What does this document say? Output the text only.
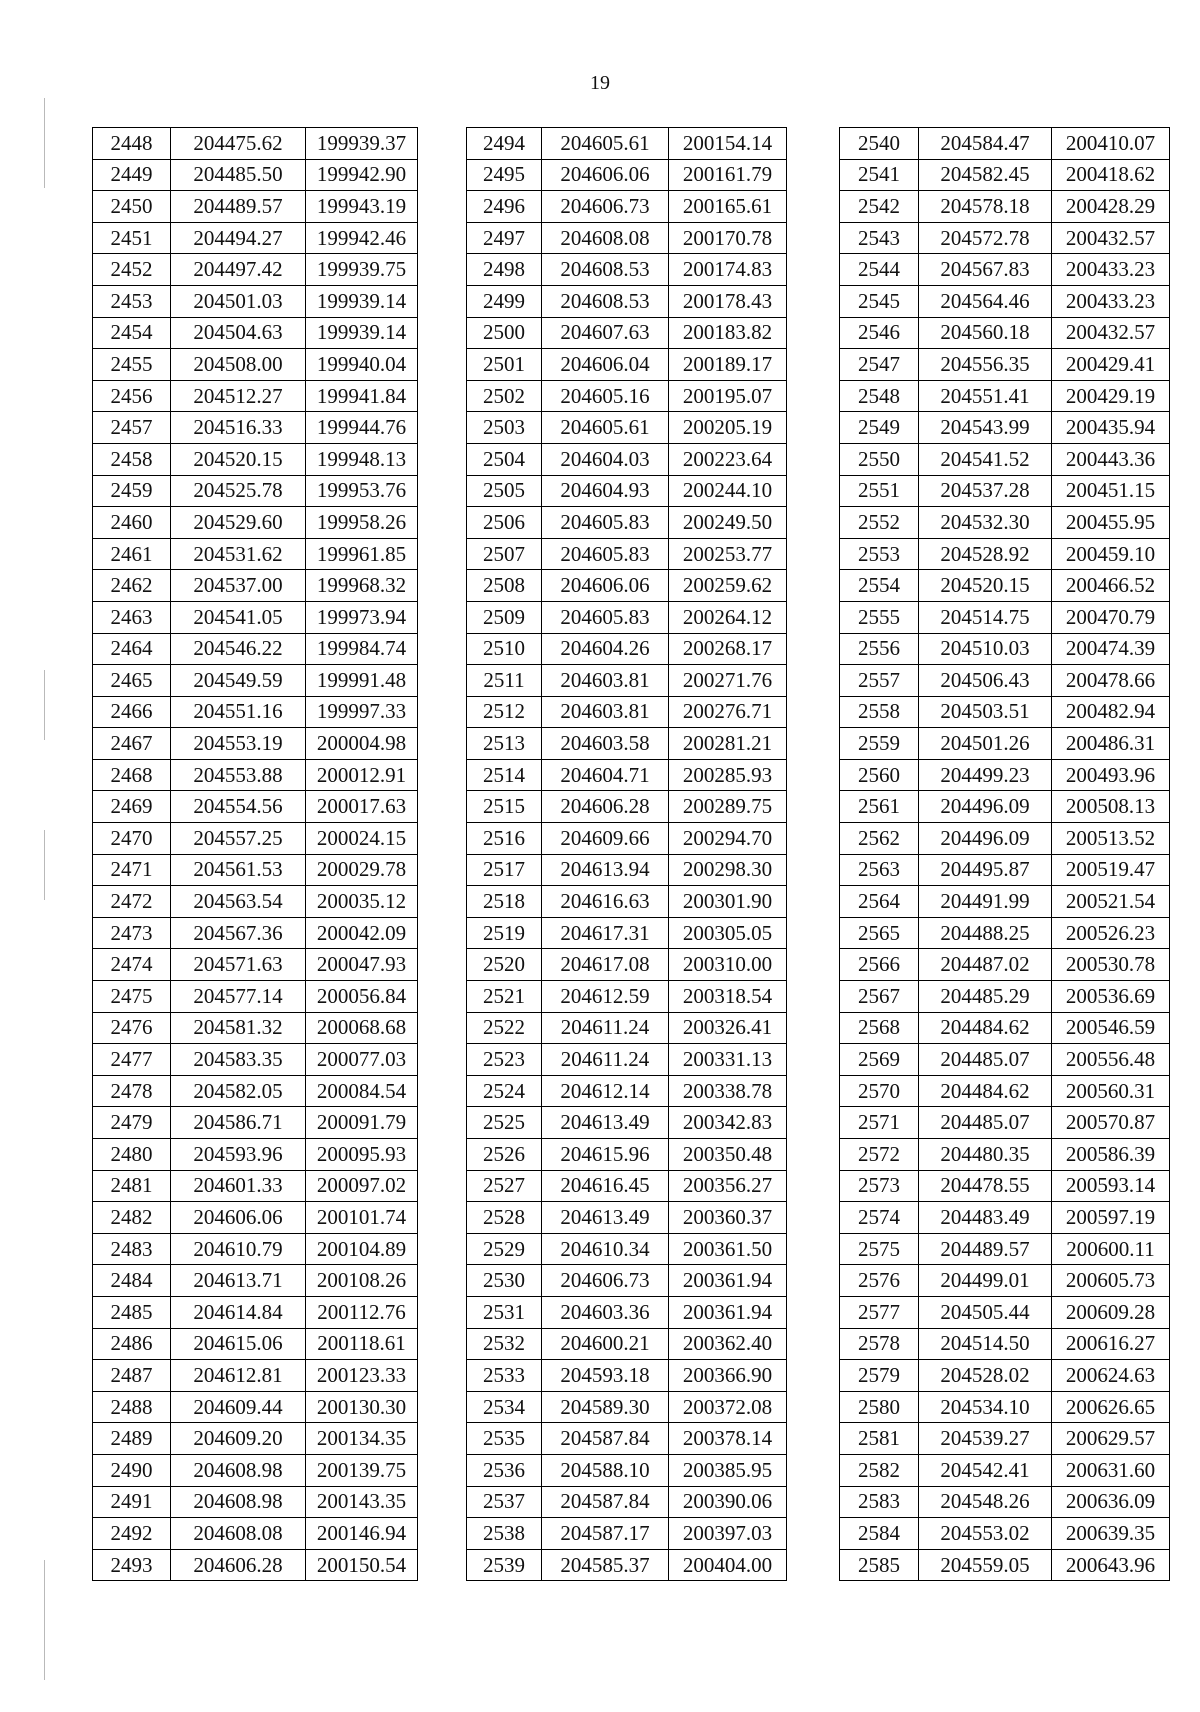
19
2448	204475.62	199939.37
2449	204485.50	199942.90
2450	204489.57	199943.19
2451	204494.27	199942.46
2452	204497.42	199939.75
2453	204501.03	199939.14
2454	204504.63	199939.14
2455	204508.00	199940.04
2456	204512.27	199941.84
2457	204516.33	199944.76
2458	204520.15	199948.13
2459	204525.78	199953.76
2460	204529.60	199958.26
2461	204531.62	199961.85
2462	204537.00	199968.32
2463	204541.05	199973.94
2464	204546.22	199984.74
2465	204549.59	199991.48
2466	204551.16	199997.33
2467	204553.19	200004.98
2468	204553.88	200012.91
2469	204554.56	200017.63
2470	204557.25	200024.15
2471	204561.53	200029.78
2472	204563.54	200035.12
2473	204567.36	200042.09
2474	204571.63	200047.93
2475	204577.14	200056.84
2476	204581.32	200068.68
2477	204583.35	200077.03
2478	204582.05	200084.54
2479	204586.71	200091.79
2480	204593.96	200095.93
2481	204601.33	200097.02
2482	204606.06	200101.74
2483	204610.79	200104.89
2484	204613.71	200108.26
2485	204614.84	200112.76
2486	204615.06	200118.61
2487	204612.81	200123.33
2488	204609.44	200130.30
2489	204609.20	200134.35
2490	204608.98	200139.75
2491	204608.98	200143.35
2492	204608.08	200146.94
2493	204606.28	200150.54
2494	204605.61	200154.14
2495	204606.06	200161.79
2496	204606.73	200165.61
2497	204608.08	200170.78
2498	204608.53	200174.83
2499	204608.53	200178.43
2500	204607.63	200183.82
2501	204606.04	200189.17
2502	204605.16	200195.07
2503	204605.61	200205.19
2504	204604.03	200223.64
2505	204604.93	200244.10
2506	204605.83	200249.50
2507	204605.83	200253.77
2508	204606.06	200259.62
2509	204605.83	200264.12
2510	204604.26	200268.17
2511	204603.81	200271.76
2512	204603.81	200276.71
2513	204603.58	200281.21
2514	204604.71	200285.93
2515	204606.28	200289.75
2516	204609.66	200294.70
2517	204613.94	200298.30
2518	204616.63	200301.90
2519	204617.31	200305.05
2520	204617.08	200310.00
2521	204612.59	200318.54
2522	204611.24	200326.41
2523	204611.24	200331.13
2524	204612.14	200338.78
2525	204613.49	200342.83
2526	204615.96	200350.48
2527	204616.45	200356.27
2528	204613.49	200360.37
2529	204610.34	200361.50
2530	204606.73	200361.94
2531	204603.36	200361.94
2532	204600.21	200362.40
2533	204593.18	200366.90
2534	204589.30	200372.08
2535	204587.84	200378.14
2536	204588.10	200385.95
2537	204587.84	200390.06
2538	204587.17	200397.03
2539	204585.37	200404.00
2540	204584.47	200410.07
2541	204582.45	200418.62
2542	204578.18	200428.29
2543	204572.78	200432.57
2544	204567.83	200433.23
2545	204564.46	200433.23
2546	204560.18	200432.57
2547	204556.35	200429.41
2548	204551.41	200429.19
2549	204543.99	200435.94
2550	204541.52	200443.36
2551	204537.28	200451.15
2552	204532.30	200455.95
2553	204528.92	200459.10
2554	204520.15	200466.52
2555	204514.75	200470.79
2556	204510.03	200474.39
2557	204506.43	200478.66
2558	204503.51	200482.94
2559	204501.26	200486.31
2560	204499.23	200493.96
2561	204496.09	200508.13
2562	204496.09	200513.52
2563	204495.87	200519.47
2564	204491.99	200521.54
2565	204488.25	200526.23
2566	204487.02	200530.78
2567	204485.29	200536.69
2568	204484.62	200546.59
2569	204485.07	200556.48
2570	204484.62	200560.31
2571	204485.07	200570.87
2572	204480.35	200586.39
2573	204478.55	200593.14
2574	204483.49	200597.19
2575	204489.57	200600.11
2576	204499.01	200605.73
2577	204505.44	200609.28
2578	204514.50	200616.27
2579	204528.02	200624.63
2580	204534.10	200626.65
2581	204539.27	200629.57
2582	204542.41	200631.60
2583	204548.26	200636.09
2584	204553.02	200639.35
2585	204559.05	200643.96
